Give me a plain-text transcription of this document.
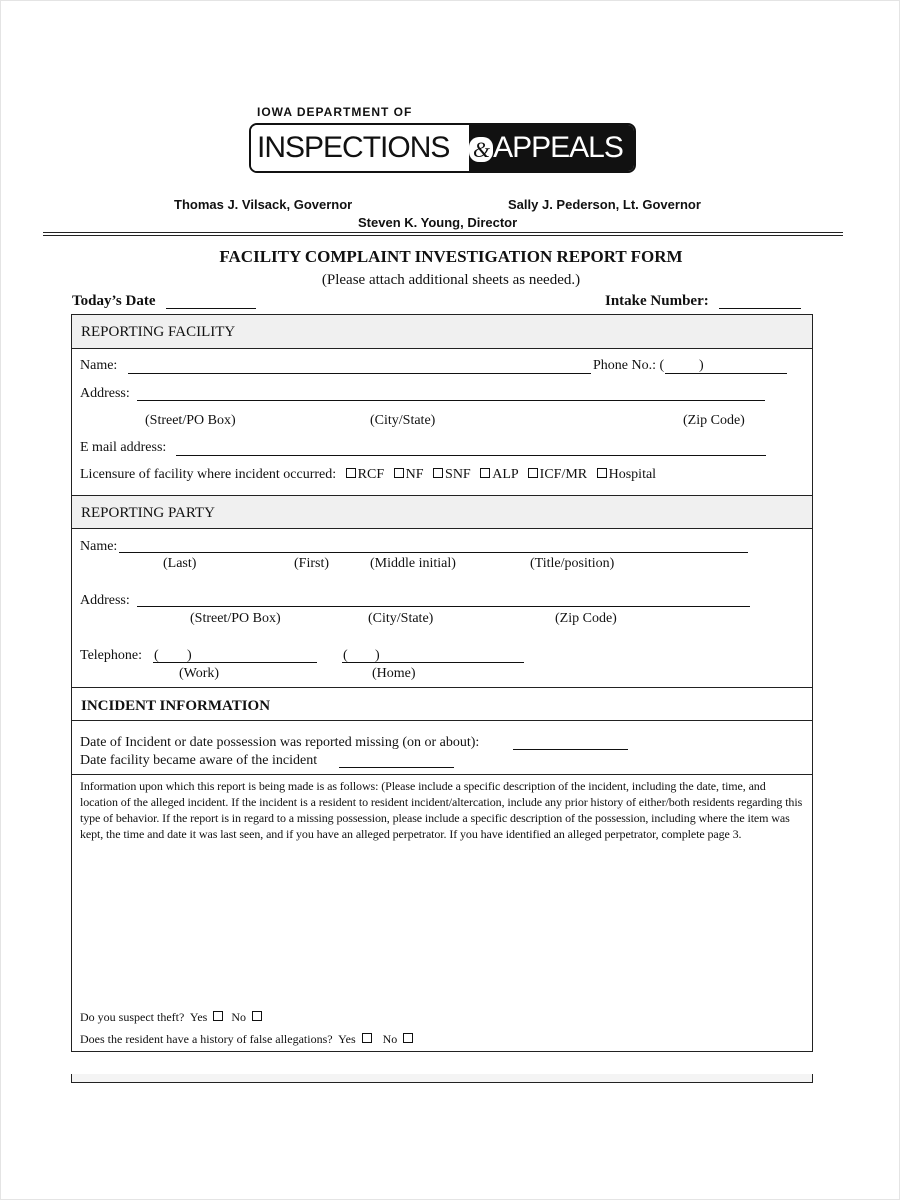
IOWA DEPARTMENT OF
INSPECTIONS	& APPEALS
Thomas J. Vilsack, Governor	Sally J. Pederson, Lt. Governor
Steven K. Young, Director
FACILITY COMPLAINT INVESTIGATION REPORT FORM
(Please attach additional sheets as needed.)
Today’s Date	Intake Number:
REPORTING FACILITY
Name:	Phone No.: ( )
Address:
(Street/PO Box)	(City/State)	(Zip Code)
E mail address:
Licensure of facility where incident occurred: RCF NF SNF ALP ICF/MR Hospital
REPORTING PARTY
Name:
(Last)	(First)	(Middle initial)	(Title/position)
Address:
(Street/PO Box)	(City/State)	(Zip Code)
Telephone: ( )	( )
(Work)	(Home)
INCIDENT INFORMATION
Date of Incident or date possession was reported missing (on or about):
Date facility became aware of the incident
Information upon which this report is being made is as follows: (Please include a specific description of the incident, including the date, time, and location of the alleged incident. If the incident is a resident to resident incident/altercation, include any prior history of either/both residents regarding this type of behavior. If the report is in regard to a missing possession, please include a specific description of the possession, including where the item was kept, the time and date it was last seen, and if you have an alleged perpetrator. If you have identified an alleged perpetrator, complete page 3.
Do you suspect theft? Yes No
Does the resident have a history of false allegations? Yes No
